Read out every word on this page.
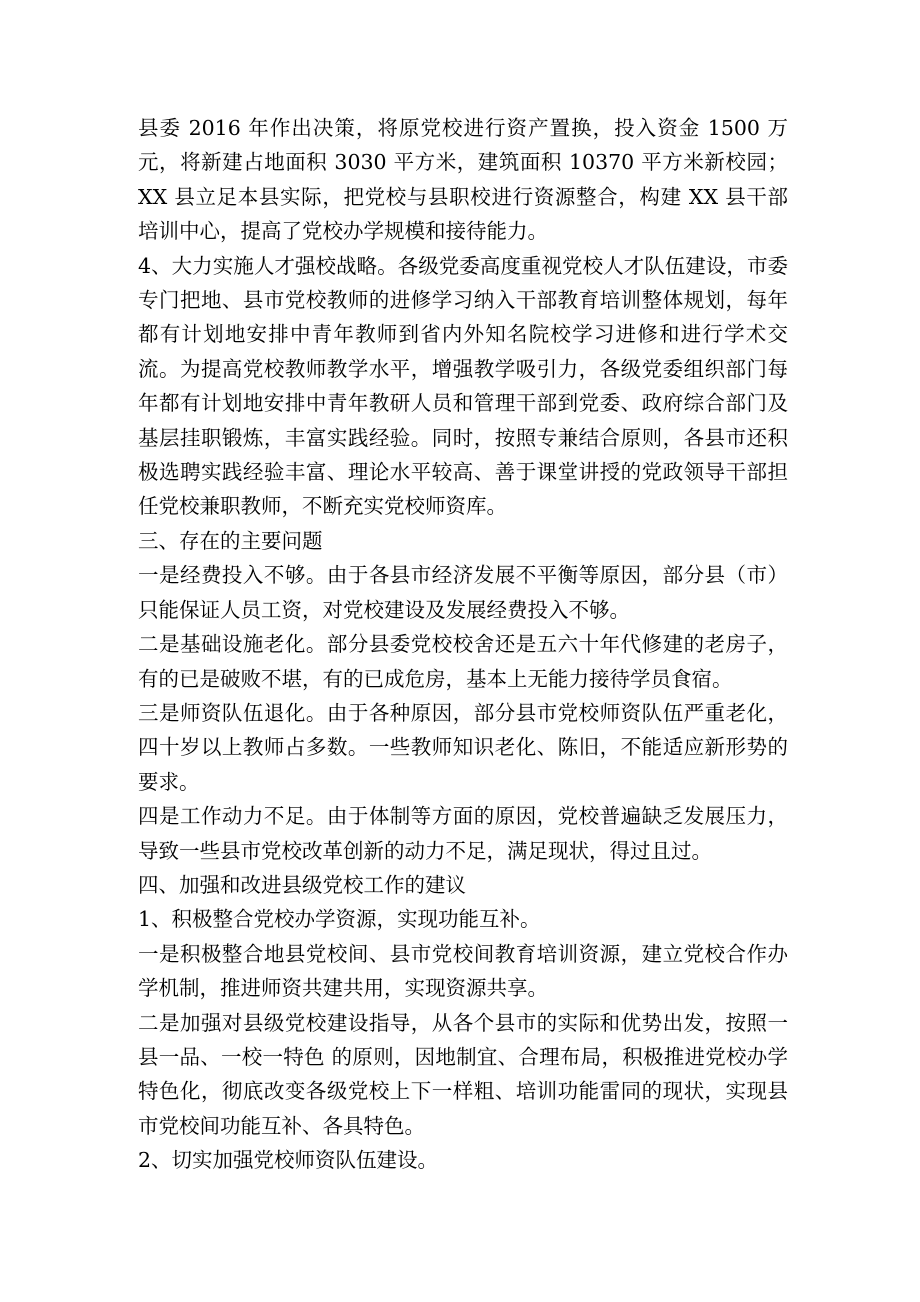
县委 2016 年作出决策，将原党校进行资产置换，投入资金 1500 万元，将新建占地面积 3030 平方米，建筑面积 10370 平方米新校园；XX 县立足本县实际，把党校与县职校进行资源整合，构建 XX 县干部培训中心，提高了党校办学规模和接待能力。

4、大力实施人才强校战略。各级党委高度重视党校人才队伍建设，市委专门把地、县市党校教师的进修学习纳入干部教育培训整体规划，每年都有计划地安排中青年教师到省内外知名院校学习进修和进行学术交流。为提高党校教师教学水平，增强教学吸引力，各级党委组织部门每年都有计划地安排中青年教研人员和管理干部到党委、政府综合部门及基层挂职锻炼，丰富实践经验。同时，按照专兼结合原则，各县市还积极选聘实践经验丰富、理论水平较高、善于课堂讲授的党政领导干部担任党校兼职教师，不断充实党校师资库。

三、存在的主要问题

一是经费投入不够。由于各县市经济发展不平衡等原因，部分县（市）只能保证人员工资，对党校建设及发展经费投入不够。

二是基础设施老化。部分县委党校校舍还是五六十年代修建的老房子，有的已是破败不堪，有的已成危房，基本上无能力接待学员食宿。

三是师资队伍退化。由于各种原因，部分县市党校师资队伍严重老化，四十岁以上教师占多数。一些教师知识老化、陈旧，不能适应新形势的要求。

四是工作动力不足。由于体制等方面的原因，党校普遍缺乏发展压力，导致一些县市党校改革创新的动力不足，满足现状，得过且过。

四、加强和改进县级党校工作的建议

1、积极整合党校办学资源，实现功能互补。

一是积极整合地县党校间、县市党校间教育培训资源，建立党校合作办学机制，推进师资共建共用，实现资源共享。

二是加强对县级党校建设指导，从各个县市的实际和优势出发，按照一县一品、一校一特色 的原则，因地制宜、合理布局，积极推进党校办学特色化，彻底改变各级党校上下一样粗、培训功能雷同的现状，实现县市党校间功能互补、各具特色。

2、切实加强党校师资队伍建设。
